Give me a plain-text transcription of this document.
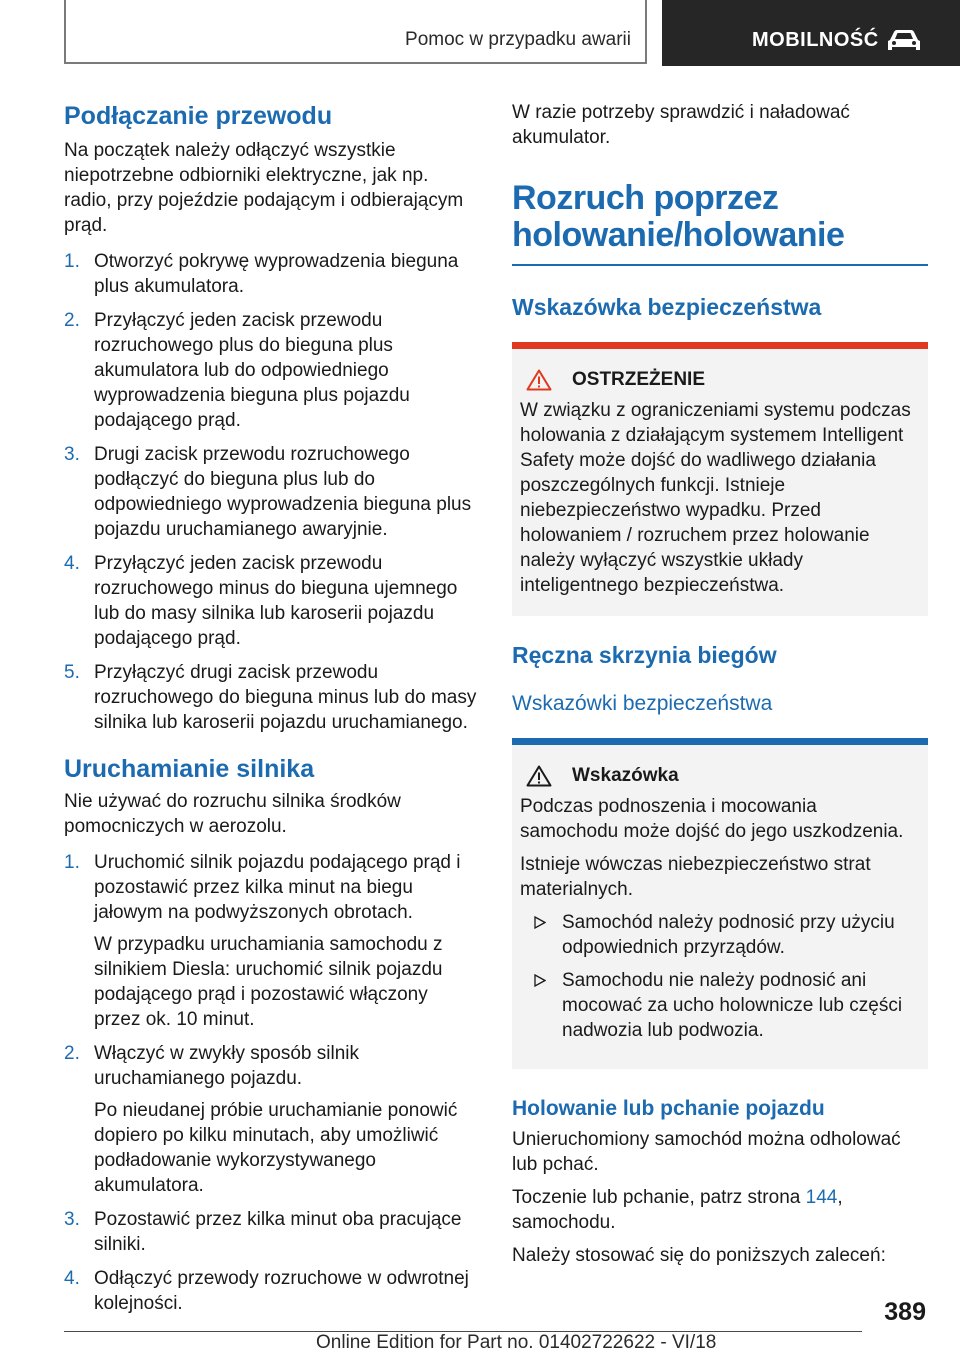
Pomoc w przypadku awarii	MOBILNOŚĆ
Podłączanie przewodu

Na początek należy odłączyć wszystkie niepotrzebne odbiorniki elektryczne, jak np. radio, przy pojeździe podającym i odbierającym prąd.

1. Otworzyć pokrywę wyprowadzenia bieguna plus akumulatora.

2. Przyłączyć jeden zacisk przewodu rozruchowego plus do bieguna plus akumulatora lub do odpowiedniego wyprowadzenia bieguna plus pojazdu podającego prąd.

3. Drugi zacisk przewodu rozruchowego podłączyć do bieguna plus lub do odpowiedniego wyprowadzenia bieguna plus pojazdu uruchamianego awaryjnie.

4. Przyłączyć jeden zacisk przewodu rozruchowego minus do bieguna ujemnego lub do masy silnika lub karoserii pojazdu podającego prąd.

5. Przyłączyć drugi zacisk przewodu rozruchowego do bieguna minus lub do masy silnika lub karoserii pojazdu uruchamianego.

Uruchamianie silnika

Nie używać do rozruchu silnika środków pomocniczych w aerozolu.

1. Uruchomić silnik pojazdu podającego prąd i pozostawić przez kilka minut na biegu jałowym na podwyższonych obrotach.

W przypadku uruchamiania samochodu z silnikiem Diesla: uruchomić silnik pojazdu podającego prąd i pozostawić włączony przez ok. 10 minut.

2. Włączyć w zwykły sposób silnik uruchamianego pojazdu.

Po nieudanej próbie uruchamianie ponowić dopiero po kilku minutach, aby umożliwić podładowanie wykorzystywanego akumulatora.

3. Pozostawić przez kilka minut oba pracujące silniki.

4. Odłączyć przewody rozruchowe w odwrotnej kolejności.

W razie potrzeby sprawdzić i naładować akumulator.

Rozruch poprzez holowanie/holowanie
Wskazówka bezpieczeństwa
OSTRZEŻENIE

W związku z ograniczeniami systemu podczas holowania z działającym systemem Intelligent Safety może dojść do wadliwego działania poszczególnych funkcji. Istnieje niebezpieczeństwo wypadku. Przed holowaniem / rozruchem przez holowanie należy wyłączyć wszystkie układy inteligentnego bezpieczeństwa.

Ręczna skrzynia biegów
Wskazówki bezpieczeństwa
Wskazówka

Podczas podnoszenia i mocowania samochodu może dojść do jego uszkodzenia.

Istnieje wówczas niebezpieczeństwo strat materialnych.

Samochód należy podnosić przy użyciu odpowiednich przyrządów.

Samochodu nie należy podnosić ani mocować za ucho holownicze lub części nadwozia lub podwozia.

Holowanie lub pchanie pojazdu

Unieruchomiony samochód można odholować lub pchać.

Toczenie lub pchanie, patrz strona 144, samochodu.

Należy stosować się do poniższych zaleceń:

389
Online Edition for Part no. 01402722622 - VI/18
